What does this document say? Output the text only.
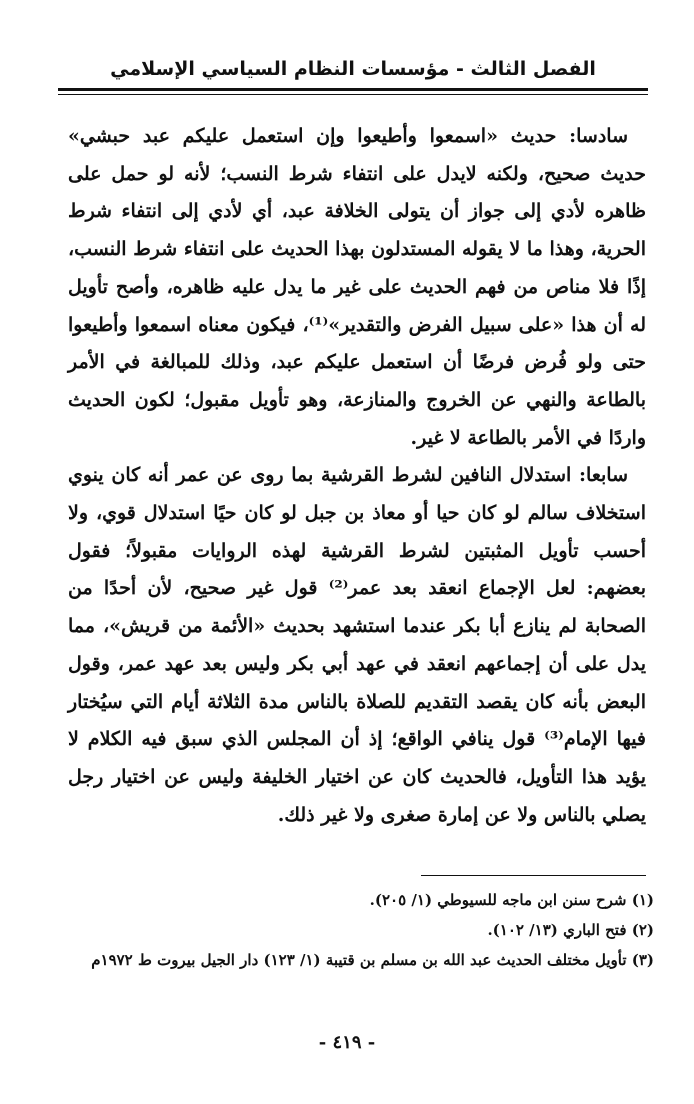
الفصل الثالث - مؤسسات النظام السياسي الإسلامي

سادسا: حديث «اسمعوا وأطيعوا وإن استعمل عليكم عبد حبشي» حديث صحيح، ولكنه لايدل على انتفاء شرط النسب؛ لأنه لو حمل على ظاهره لأدي إلى جواز أن يتولى الخلافة عبد، أي لأدي إلى انتفاء شرط الحرية، وهذا ما لا يقوله المستدلون بهذا الحديث على انتفاء شرط النسب، إذًا فلا مناص من فهم الحديث على غير ما يدل عليه ظاهره، وأصح تأويل له أن هذا «على سبيل الفرض والتقدير»⁽¹⁾، فيكون معناه اسمعوا وأطيعوا حتى ولو فُرض فرضًا أن استعمل عليكم عبد، وذلك للمبالغة في الأمر بالطاعة والنهي عن الخروج والمنازعة، وهو تأويل مقبول؛ لكون الحديث واردًا في الأمر بالطاعة لا غير.

سابعا: استدلال النافين لشرط القرشية بما روى عن عمر أنه كان ينوي استخلاف سالم لو كان حيا أو معاذ بن جبل لو كان حيًا استدلال قوي، ولا أحسب تأويل المثبتين لشرط القرشية لهذه الروايات مقبولاً؛ فقول بعضهم: لعل الإجماع انعقد بعد عمر⁽²⁾ قول غير صحيح، لأن أحدًا من الصحابة لم ينازع أبا بكر عندما استشهد بحديث «الأئمة من قريش»، مما يدل على أن إجماعهم انعقد في عهد أبي بكر وليس بعد عهد عمر، وقول البعض بأنه كان يقصد التقديم للصلاة بالناس مدة الثلاثة أيام التي سيُختار فيها الإمام⁽³⁾ قول ينافي الواقع؛ إذ أن المجلس الذي سبق فيه الكلام لا يؤيد هذا التأويل، فالحديث كان عن اختيار الخليفة وليس عن اختيار رجل يصلي بالناس ولا عن إمارة صغرى ولا غير ذلك.

(١) شرح سنن ابن ماجه للسيوطي (١/ ٢٠٥).

(٢) فتح الباري (١٣/ ١٠٢).

(٣) تأويل مختلف الحديث عبد الله بن مسلم بن قتيبة (١/ ١٢٣) دار الجيل بيروت ط ١٩٧٢م

- ٤١٩ -
